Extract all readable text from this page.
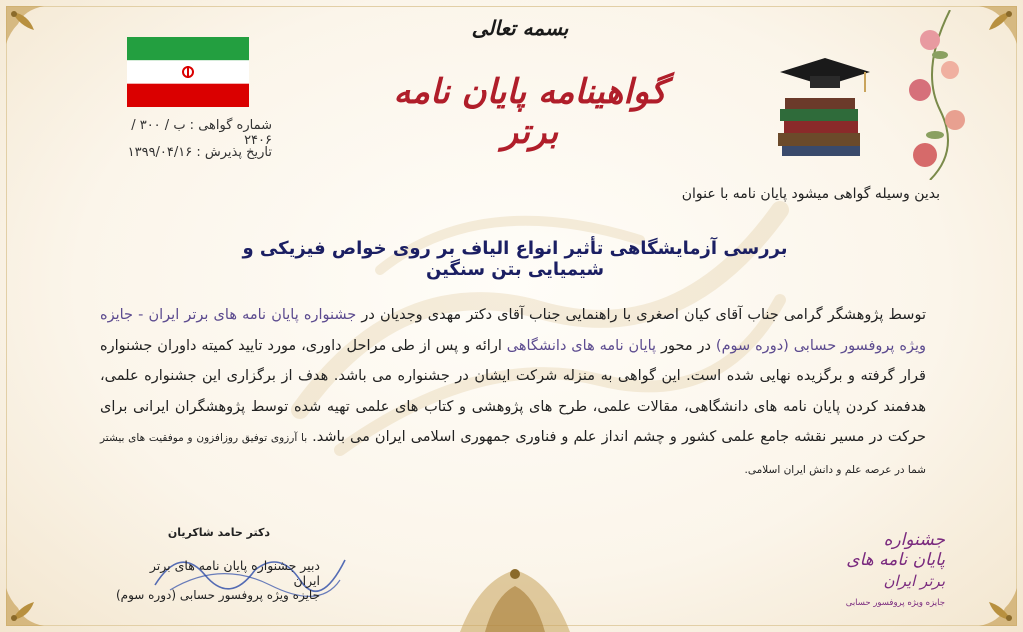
بسمه تعالی
گواهینامه پایان نامه برتر
شماره گواهی : ب / ۳۰۰ / ۲۴۰۶
تاریخ پذیرش : ۱۳۹۹/۰۴/۱۶
بدین وسیله گواهی میشود پایان نامه با عنوان
بررسی آزمایشگاهی تأثیر انواع الیاف بر روی خواص فیزیکی و شیمیایی بتن سنگین
توسط پژوهشگر گرامی جناب آقای کیان اصغری با راهنمایی جناب آقای دکتر مهدی وجدیان در جشنواره پایان نامه های برتر ایران - جایزه ویژه پروفسور حسابی (دوره سوم) در محور پایان نامه های دانشگاهی ارائه و پس از طی مراحل داوری، مورد تایید کمیته داوران جشنواره قرار گرفته و برگزیده نهایی شده است. این گواهی به منزله شرکت ایشان در جشنواره می باشد. هدف از برگزاری این جشنواره علمی، هدفمند کردن پایان نامه های دانشگاهی، مقالات علمی، طرح های پژوهشی و کتاب های علمی تهیه شده توسط پژوهشگران ایرانی برای حرکت در مسیر نقشه جامع علمی کشور و چشم انداز علم و فناوری جمهوری اسلامی ایران می باشد. با آرزوی توفیق روزافزون و موفقیت های بیشتر شما در عرصه علم و دانش ایران اسلامی.
دکتر حامد شاکریان
دبیر جشنواره پایان نامه های برتر ایران
جایزه ویژه پروفسور حسابی (دوره سوم)
جشنواره
پایان نامه های
برتر ایران
جایزه ویژه پروفسور حسابی
